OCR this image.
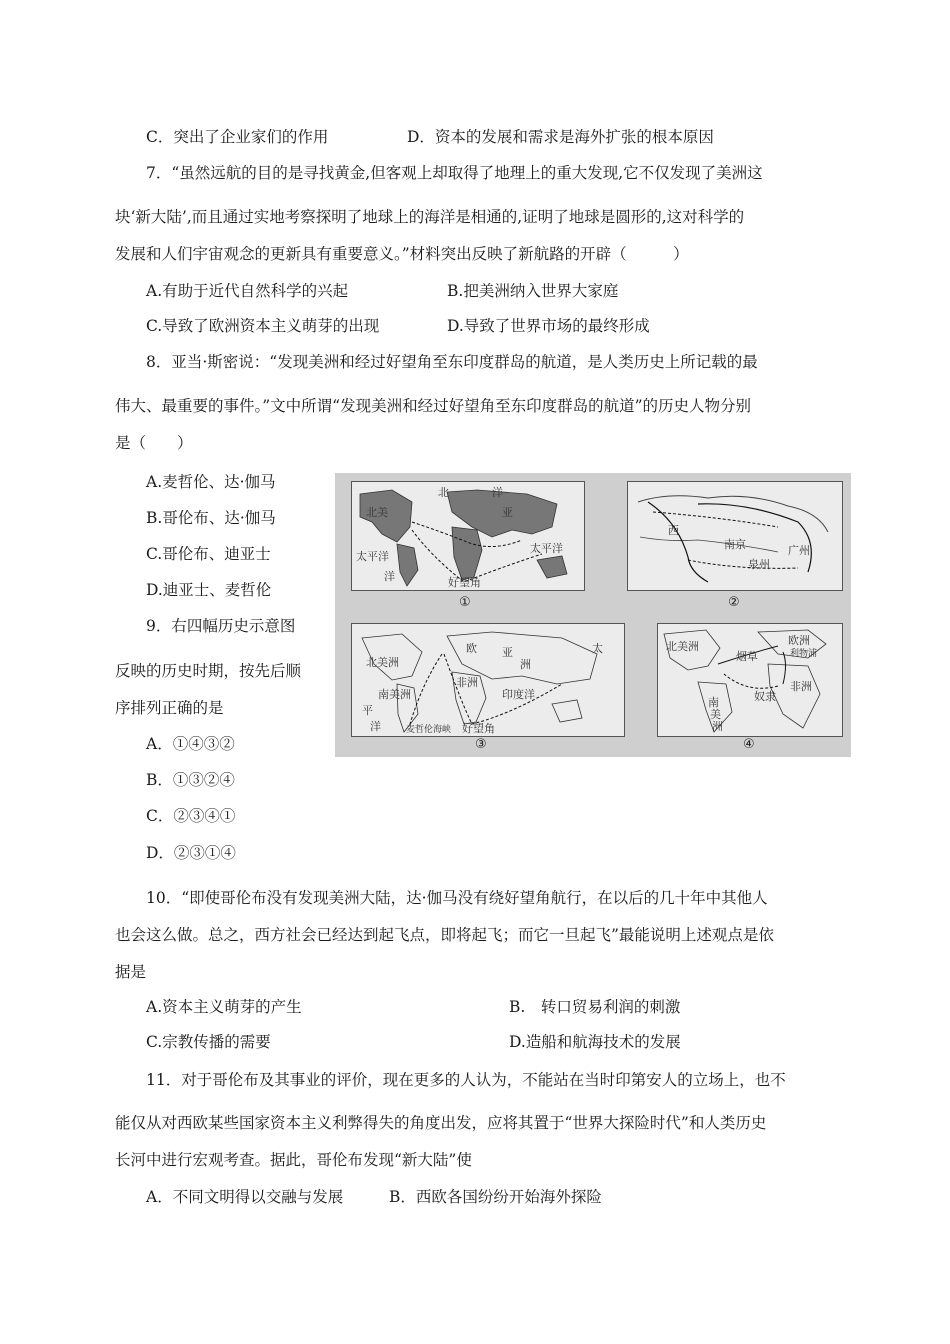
C．突出了企业家们的作用	D．资本的发展和需求是海外扩张的根本原因
7．“虽然远航的目的是寻找黄金,但客观上却取得了地理上的重大发现,它不仅发现了美洲这
块‘新大陆’,而且通过实地考察探明了地球上的海洋是相通的,证明了地球是圆形的,这对科学的
发展和人们宇宙观念的更新具有重要意义。”材料突出反映了新航路的开辟（　　　）
A.有助于近代自然科学的兴起	B.把美洲纳入世界大家庭
C.导致了欧洲资本主义萌芽的出现	D.导致了世界市场的最终形成
8．亚当·斯密说：“发现美洲和经过好望角至东印度群岛的航道，是人类历史上所记载的最
伟大、最重要的事件。”文中所谓“发现美洲和经过好望角至东印度群岛的航道”的历史人物分别
是（　　）
A.麦哲伦、达·伽马
B.哥伦布、达·伽马
C.哥伦布、迪亚士
D.迪亚士、麦哲伦
9．右四幅历史示意图
反映的历史时期，按先后顺
序排列正确的是
A．①④③②
B．①③②④
C．②③④①
D．②③①④
北	洋
北美	亚
太平洋
太平洋
洋	好望角
①
西
南京	广州
泉州
②
欧 亚
洲
太
北美洲
非洲
印度洋
南美洲
平
洋	好望角
麦哲伦海峡
③
北美洲	欧洲
利物浦
烟草
非洲
奴隶
南
美
洲
④
10．“即使哥伦布没有发现美洲大陆，达·伽马没有绕好望角航行，在以后的几十年中其他人
也会这么做。总之，西方社会已经达到起飞点，即将起飞；而它一旦起飞”最能说明上述观点是依
据是
A.资本主义萌芽的产生	B.　转口贸易利润的刺激
C.宗教传播的需要	D.造船和航海技术的发展
11．对于哥伦布及其事业的评价，现在更多的人认为，不能站在当时印第安人的立场上，也不
能仅从对西欧某些国家资本主义利弊得失的角度出发，应将其置于“世界大探险时代”和人类历史
长河中进行宏观考查。据此，哥伦布发现“新大陆”使
A．不同文明得以交融与发展	B．西欧各国纷纷开始海外探险
